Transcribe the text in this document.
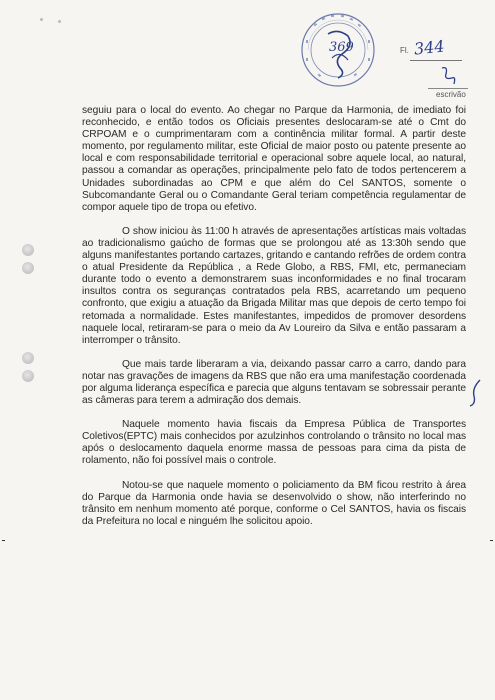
369	Fl. 344
escrivão

seguiu para o local do evento. Ao chegar no Parque da Harmonia, de imediato foi reconhecido, e então todos os Oficiais presentes deslocaram-se até o Cmt do CRPOAM e o cumprimentaram com a continência militar formal. A partir deste momento, por regulamento militar, este Oficial de maior posto ou patente presente ao local e com responsabilidade territorial e operacional sobre aquele local, ao natural, passou a comandar as operações, principalmente pelo fato de todos pertencerem a Unidades subordinadas ao CPM e que além do Cel SANTOS, somente o Subcomandante Geral ou o Comandante Geral teriam competência regulamentar de compor aquele tipo de tropa ou efetivo.

O show iniciou às 11:00 h através de apresentações artísticas mais voltadas ao tradicionalismo gaúcho de formas que se prolongou até as 13:30h sendo que alguns manifestantes portando cartazes, gritando e cantando refrões de ordem contra o atual Presidente da República , a Rede Globo, a RBS, FMI, etc, permaneciam durante todo o evento a demonstrarem suas inconformidades e no final trocaram insultos contra os seguranças contratados pela RBS, acarretando um pequeno confronto, que exigiu a atuação da Brigada Militar mas que depois de certo tempo foi retomada a normalidade. Estes manifestantes, impedidos de promover desordens naquele local, retiraram-se para o meio da Av Loureiro da Silva e então passaram a interromper o trânsito.

Que mais tarde liberaram a via, deixando passar carro a carro, dando para notar nas gravações de imagens da RBS que não era uma manifestação coordenada por alguma liderança específica e parecia que alguns tentavam se sobressair perante as câmeras para terem a admiração dos demais.

Naquele momento havia fiscais da Empresa Pública de Transportes Coletivos(EPTC) mais conhecidos por azulzinhos controlando o trânsito no local mas após o deslocamento daquela enorme massa de pessoas para cima da pista de rolamento, não foi possível mais o controle.

Notou-se que naquele momento o policiamento da BM ficou restrito à área do Parque da Harmonia onde havia se desenvolvido o show, não interferindo no trânsito em nenhum momento até porque, conforme o Cel SANTOS, havia os fiscais da Prefeitura no local e ninguém lhe solicitou apoio.
